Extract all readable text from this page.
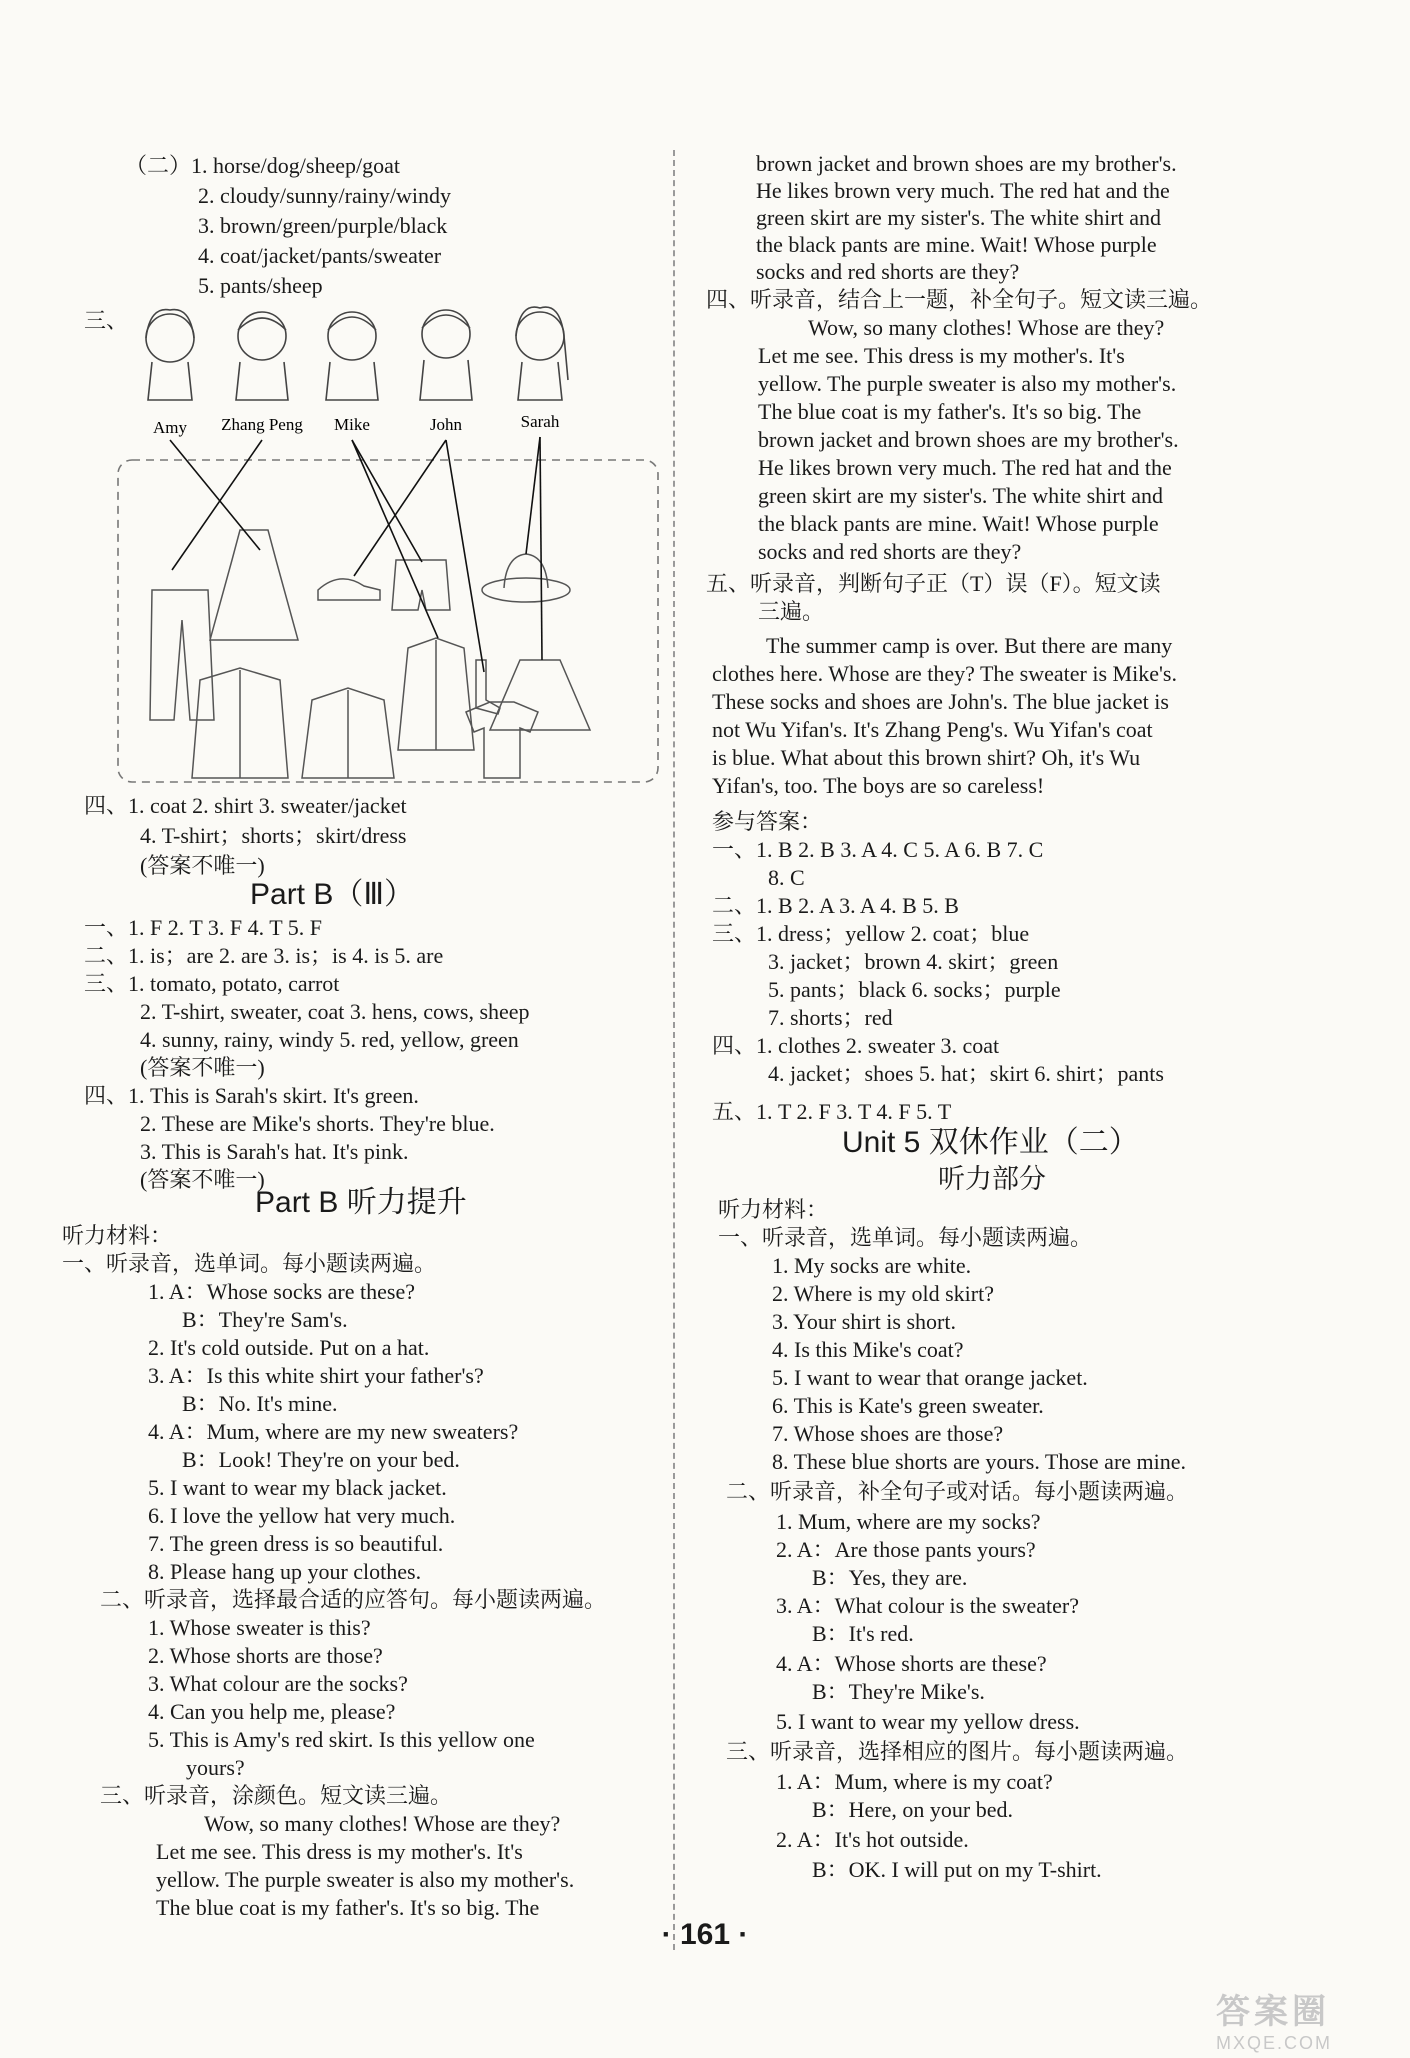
（二）1. horse/dog/sheep/goat
2. cloudy/sunny/rainy/windy
3. brown/green/purple/black
4. coat/jacket/pants/sweater
5. pants/sheep
三、
Amy Zhang Peng Mike	John	Sarah
四、1. coat 2. shirt 3. sweater/jacket
4. T-shirt；shorts；skirt/dress
(答案不唯一)
Part B（Ⅲ）
一、1. F 2. T 3. F 4. T 5. F
二、1. is；are 2. are 3. is；is 4. is 5. are
三、1. tomato, potato, carrot
2. T-shirt, sweater, coat 3. hens, cows, sheep
4. sunny, rainy, windy 5. red, yellow, green
(答案不唯一)
四、1. This is Sarah's skirt. It's green.
2. These are Mike's shorts. They're blue.
3. This is Sarah's hat. It's pink.
(答案不唯一)
Part B 听力提升
听力材料：
一、听录音，选单词。每小题读两遍。
1. A：Whose socks are these?
B：They're Sam's.
2. It's cold outside. Put on a hat.
3. A：Is this white shirt your father's?
B：No. It's mine.
4. A：Mum, where are my new sweaters?
B：Look! They're on your bed.
5. I want to wear my black jacket.
6. I love the yellow hat very much.
7. The green dress is so beautiful.
8. Please hang up your clothes.
二、听录音，选择最合适的应答句。每小题读两遍。
1. Whose sweater is this?
2. Whose shorts are those?
3. What colour are the socks?
4. Can you help me, please?
5. This is Amy's red skirt. Is this yellow one
yours?
三、听录音，涂颜色。短文读三遍。
Wow, so many clothes! Whose are they?
Let me see. This dress is my mother's. It's
yellow. The purple sweater is also my mother's.
The blue coat is my father's. It's so big. The
brown jacket and brown shoes are my brother's.
He likes brown very much. The red hat and the
green skirt are my sister's. The white shirt and
the black pants are mine. Wait! Whose purple
socks and red shorts are they?
四、听录音，结合上一题，补全句子。短文读三遍。
Wow, so many clothes! Whose are they?
Let me see. This dress is my mother's. It's
yellow. The purple sweater is also my mother's.
The blue coat is my father's. It's so big. The
brown jacket and brown shoes are my brother's.
He likes brown very much. The red hat and the
green skirt are my sister's. The white shirt and
the black pants are mine. Wait! Whose purple
socks and red shorts are they?
五、听录音，判断句子正（T）误（F）。短文读
三遍。
The summer camp is over. But there are many
clothes here. Whose are they? The sweater is Mike's.
These socks and shoes are John's. The blue jacket is
not Wu Yifan's. It's Zhang Peng's. Wu Yifan's coat
is blue. What about this brown shirt? Oh, it's Wu
Yifan's, too. The boys are so careless!
参与答案：
一、1. B 2. B 3. A 4. C 5. A 6. B 7. C
8. C
二、1. B 2. A 3. A 4. B 5. B
三、1. dress；yellow 2. coat；blue
3. jacket；brown 4. skirt；green
5. pants；black 6. socks；purple
7. shorts；red
四、1. clothes 2. sweater 3. coat
4. jacket；shoes 5. hat；skirt 6. shirt；pants
五、1. T 2. F 3. T 4. F 5. T
Unit 5 双休作业（二）
听力部分
听力材料：
一、听录音，选单词。每小题读两遍。
1. My socks are white.
2. Where is my old skirt?
3. Your shirt is short.
4. Is this Mike's coat?
5. I want to wear that orange jacket.
6. This is Kate's green sweater.
7. Whose shoes are those?
8. These blue shorts are yours. Those are mine.
二、听录音，补全句子或对话。每小题读两遍。
1. Mum, where are my socks?
2. A：Are those pants yours?
B：Yes, they are.
3. A：What colour is the sweater?
B：It's red.
4. A：Whose shorts are these?
B：They're Mike's.
5. I want to wear my yellow dress.
三、听录音，选择相应的图片。每小题读两遍。
1. A：Mum, where is my coat?
B：Here, on your bed.
2. A：It's hot outside.
B：OK. I will put on my T-shirt.
· 161 ·
答案圈
MXQE.COM
